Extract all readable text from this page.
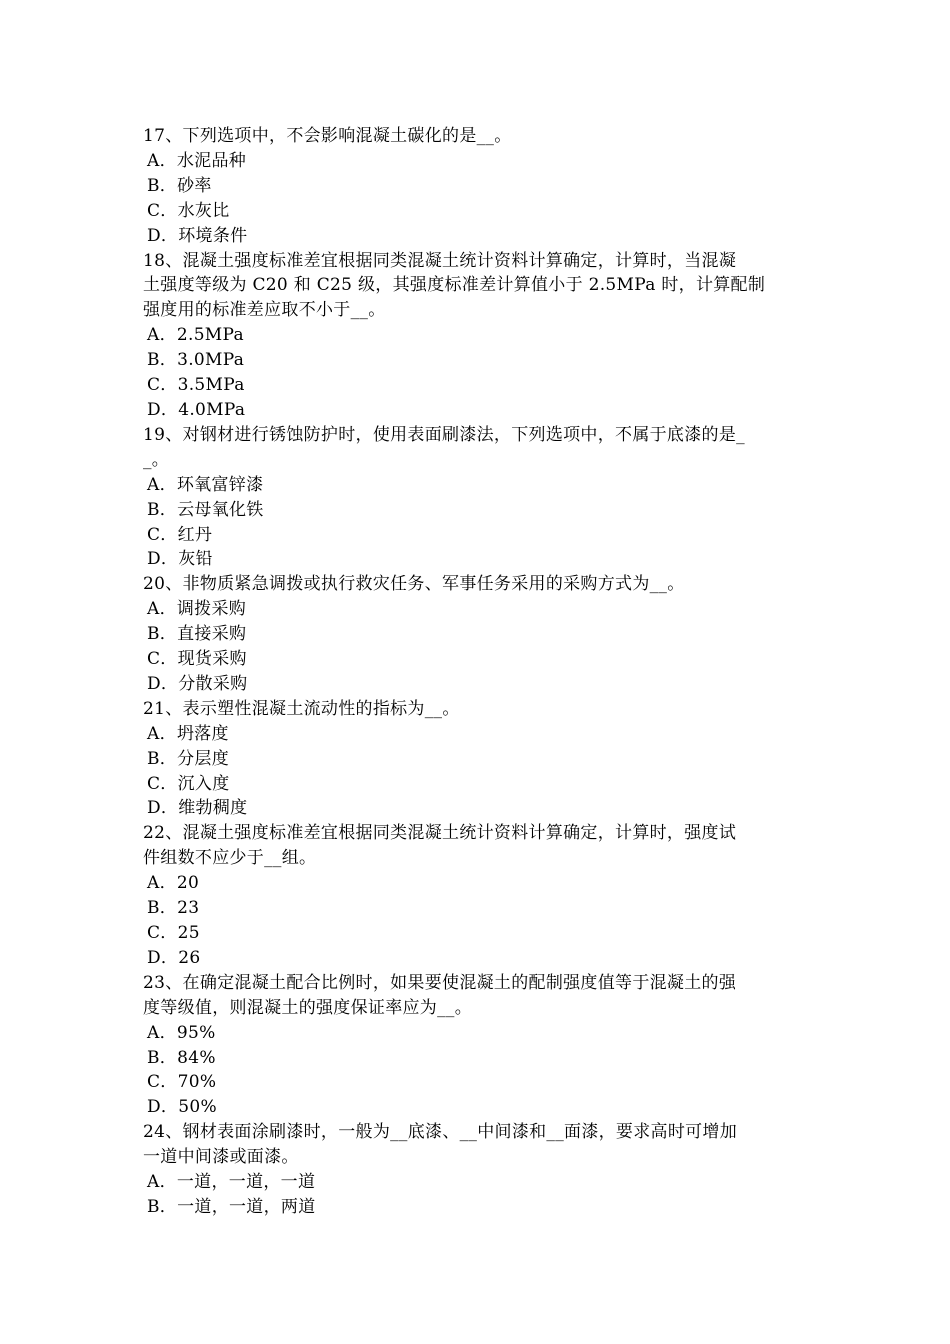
17、下列选项中，不会影响混凝土碳化的是__。
A．水泥品种
B．砂率
C．水灰比
D．环境条件
18、混凝土强度标准差宜根据同类混凝土统计资料计算确定，计算时，当混凝
土强度等级为 C20 和 C25 级，其强度标准差计算值小于 2.5MPa 时，计算配制
强度用的标准差应取不小于__。
A．2.5MPa
B．3.0MPa
C．3.5MPa
D．4.0MPa
19、对钢材进行锈蚀防护时，使用表面刷漆法，下列选项中，不属于底漆的是_
_。
A．环氧富锌漆
B．云母氧化铁
C．红丹
D．灰铅
20、非物质紧急调拨或执行救灾任务、军事任务采用的采购方式为__。
A．调拨采购
B．直接采购
C．现货采购
D．分散采购
21、表示塑性混凝土流动性的指标为__。
A．坍落度
B．分层度
C．沉入度
D．维勃稠度
22、混凝土强度标准差宜根据同类混凝土统计资料计算确定，计算时，强度试
件组数不应少于__组。
A．20
B．23
C．25
D．26
23、在确定混凝土配合比例时，如果要使混凝土的配制强度值等于混凝土的强
度等级值，则混凝土的强度保证率应为__。
A．95%
B．84%
C．70%
D．50%
24、钢材表面涂刷漆时，一般为__底漆、__中间漆和__面漆，要求高时可增加
一道中间漆或面漆。
A．一道，一道，一道
B．一道，一道，两道
